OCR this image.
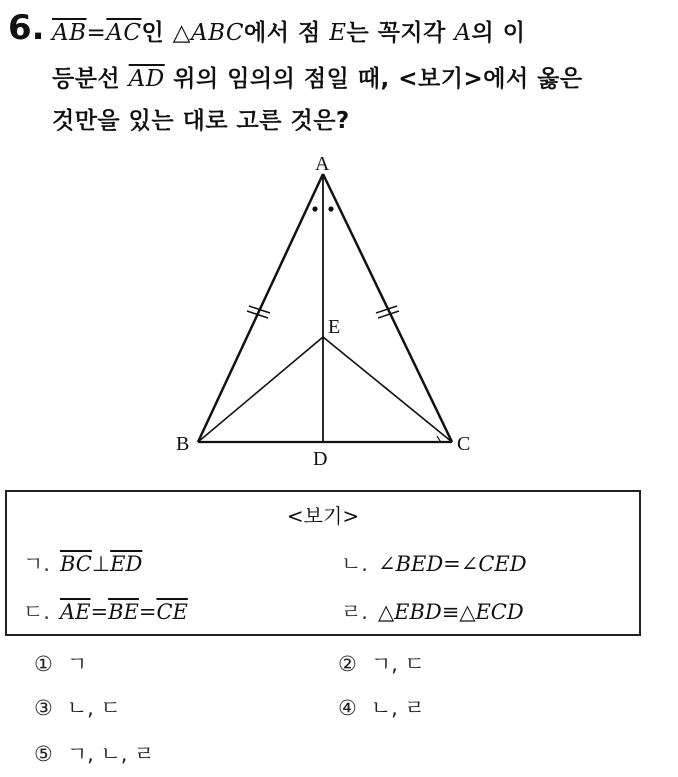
6. $\overline{AB}=\overline{AC}$인 △ABC에서 점 E는 꼭지각 A의 이
등분선 $\overline{AD}$ 위의 임의의 점일 때, <보기>에서 옳은
것만을 있는 대로 고른 것은?
A
B	C
D
E
<보기>
ㄱ. $\overline{BC}\perp\overline{ED}$	ㄴ. ∠BED=∠CED
ㄷ. $\overline{AE}=\overline{BE}=\overline{CE}$	ㄹ. △EBD≡△ECD
① ㄱ	② ㄱ, ㄷ
③ ㄴ, ㄷ	④ ㄴ, ㄹ
⑤ ㄱ, ㄴ, ㄹ
